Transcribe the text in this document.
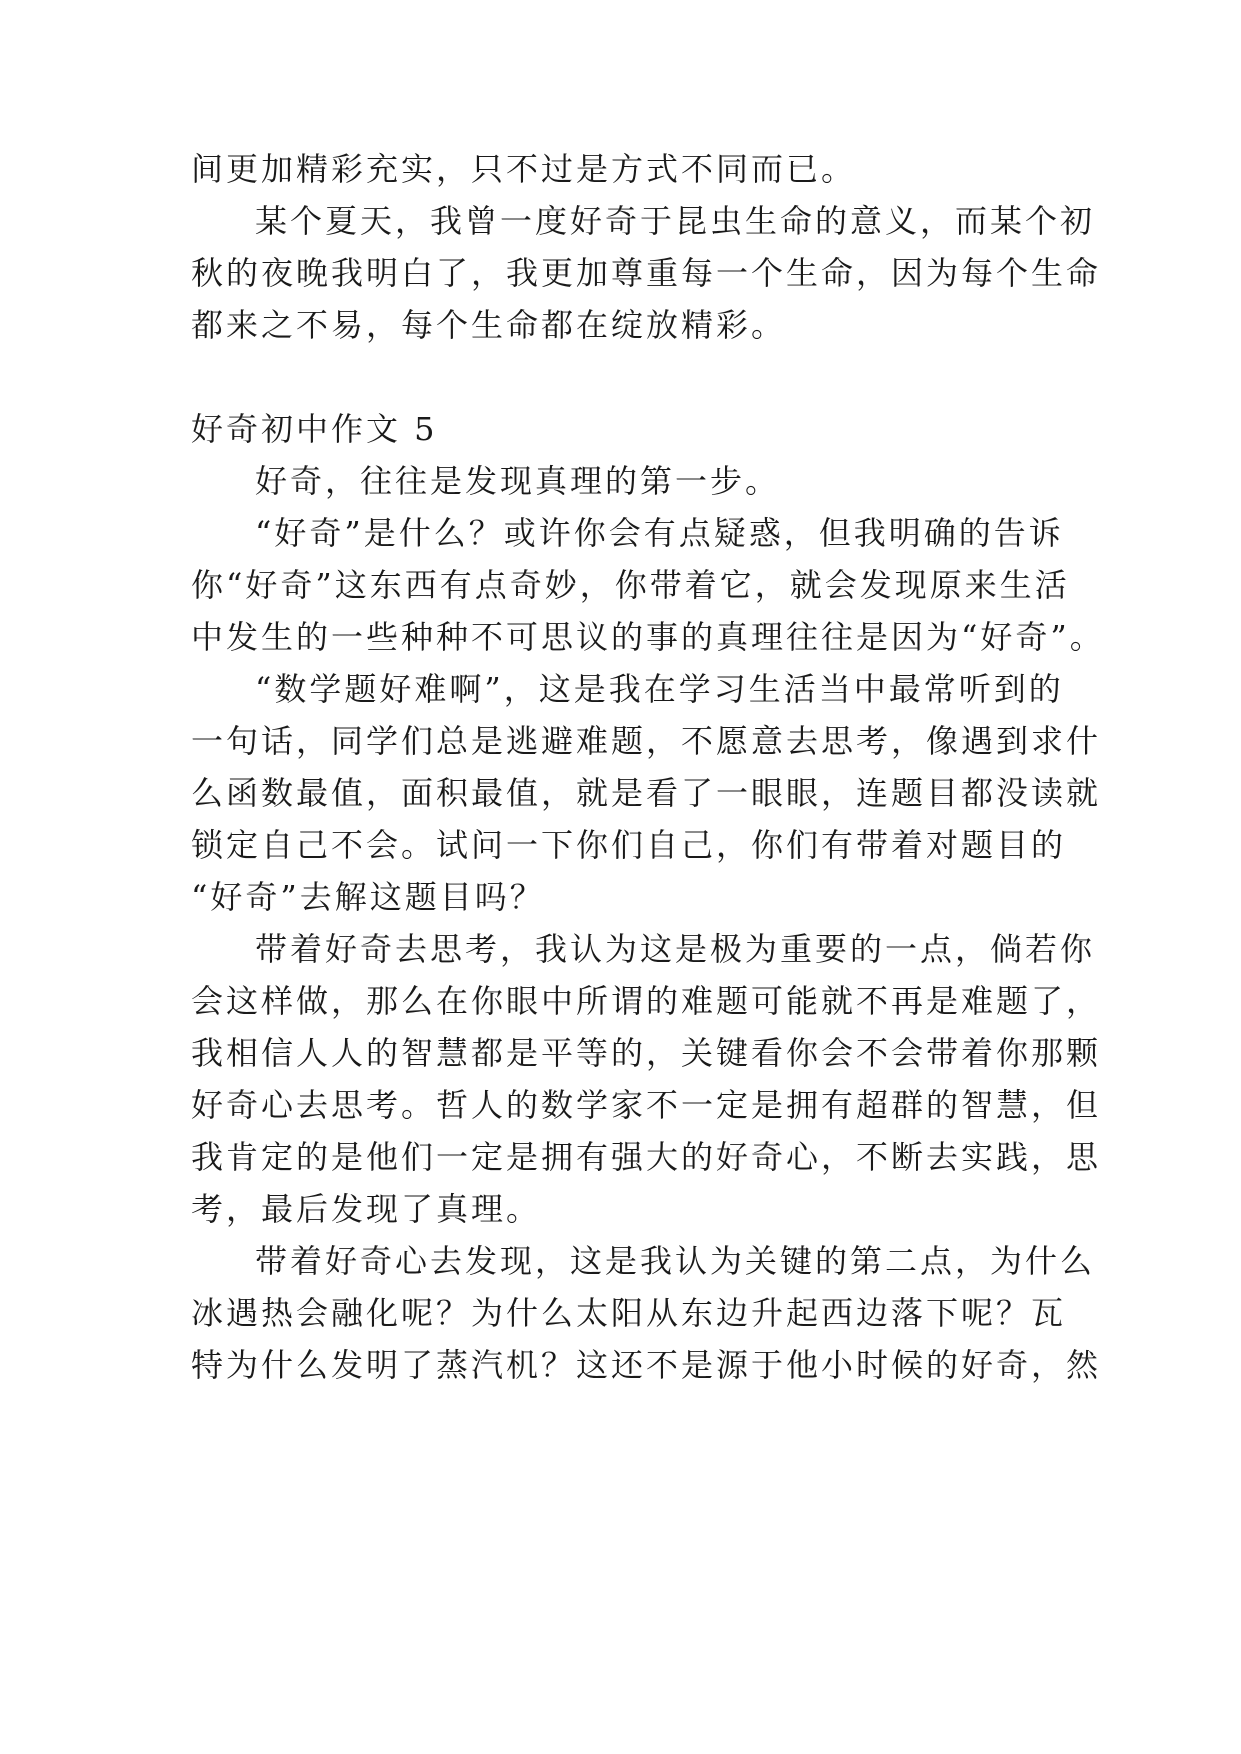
间更加精彩充实，只不过是方式不同而已。
某个夏天，我曾一度好奇于昆虫生命的意义，而某个初
秋的夜晚我明白了，我更加尊重每一个生命，因为每个生命
都来之不易，每个生命都在绽放精彩。
好奇初中作文 5
好奇，往往是发现真理的第一步。
“好奇”是什么？或许你会有点疑惑，但我明确的告诉
你“好奇”这东西有点奇妙，你带着它，就会发现原来生活
中发生的一些种种不可思议的事的真理往往是因为“好奇”。
“数学题好难啊”，这是我在学习生活当中最常听到的
一句话，同学们总是逃避难题，不愿意去思考，像遇到求什
么函数最值，面积最值，就是看了一眼眼，连题目都没读就
锁定自己不会。试问一下你们自己，你们有带着对题目的
“好奇”去解这题目吗？
带着好奇去思考，我认为这是极为重要的一点，倘若你
会这样做，那么在你眼中所谓的难题可能就不再是难题了，
我相信人人的智慧都是平等的，关键看你会不会带着你那颗
好奇心去思考。哲人的数学家不一定是拥有超群的智慧，但
我肯定的是他们一定是拥有强大的好奇心，不断去实践，思
考，最后发现了真理。
带着好奇心去发现，这是我认为关键的第二点，为什么
冰遇热会融化呢？为什么太阳从东边升起西边落下呢？瓦
特为什么发明了蒸汽机？这还不是源于他小时候的好奇，然
